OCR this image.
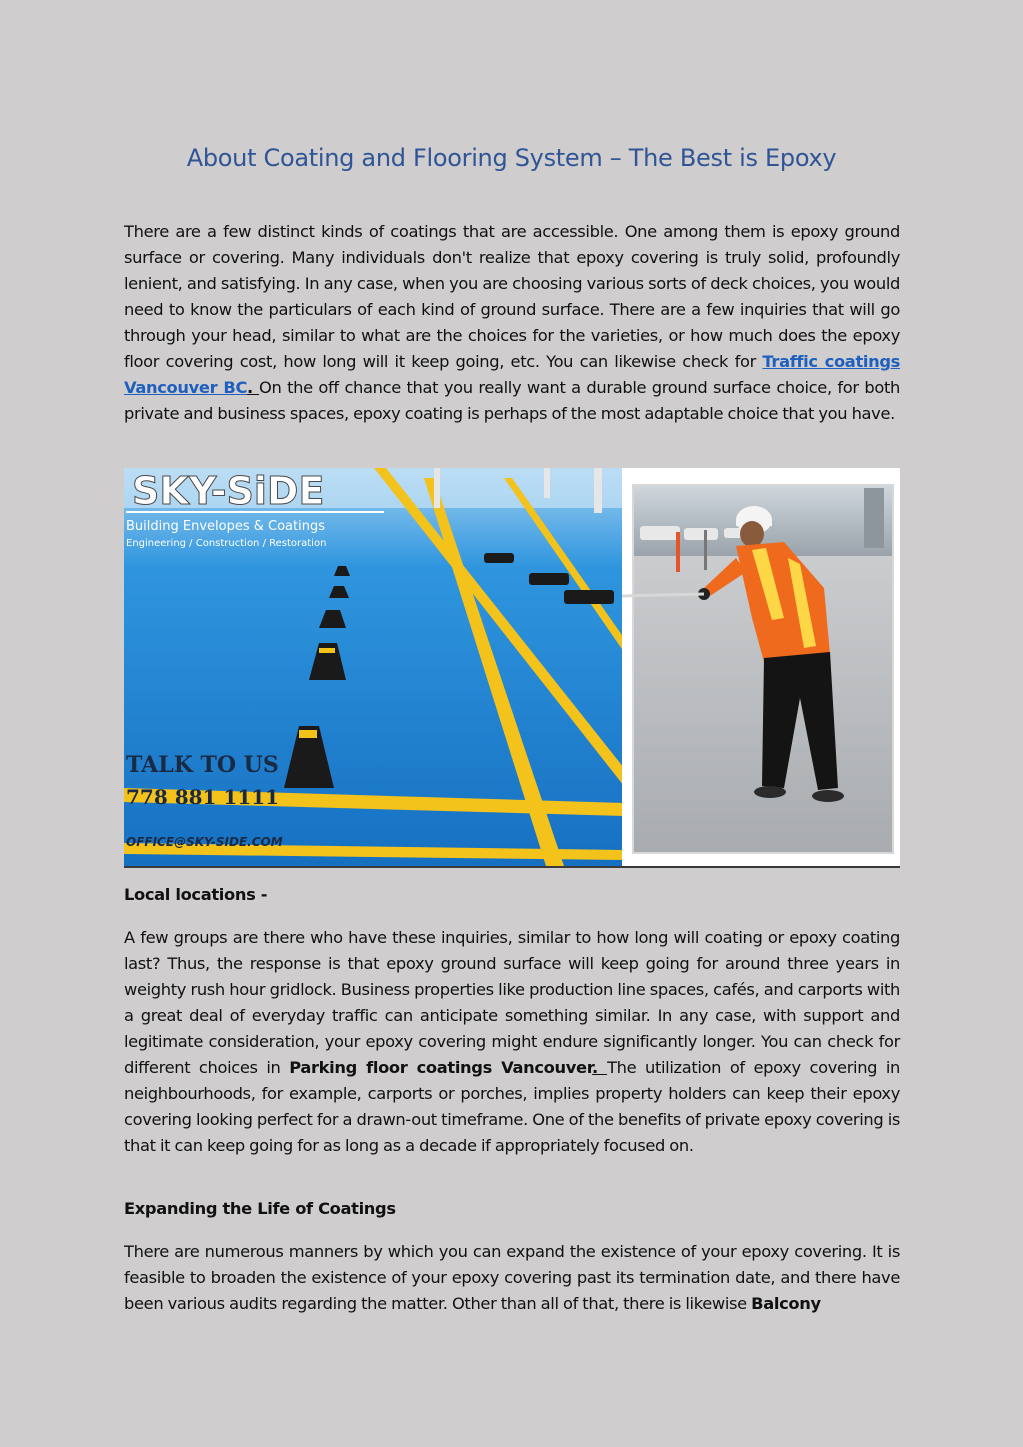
About Coating and Flooring System – The Best is Epoxy

There are a few distinct kinds of coatings that are accessible. One among them is epoxy ground surface or covering. Many individuals don't realize that epoxy covering is truly solid, profoundly lenient, and satisfying. In any case, when you are choosing various sorts of deck choices, you would need to know the particulars of each kind of ground surface. There are a few inquiries that will go through your head, similar to what are the choices for the varieties, or how much does the epoxy floor covering cost, how long will it keep going, etc. You can likewise check for Traffic coatings Vancouver BC. On the off chance that you really want a durable ground surface choice, for both private and business spaces, epoxy coating is perhaps of the most adaptable choice that you have.

SKY-SiDE
Building Envelopes & Coatings
Engineering / Construction / Restoration
TALK TO US
778 881 1111
OFFICE@SKY-SIDE.COM
Local locations -

A few groups are there who have these inquiries, similar to how long will coating or epoxy coating last? Thus, the response is that epoxy ground surface will keep going for around three years in weighty rush hour gridlock. Business properties like production line spaces, cafés, and carports with a great deal of everyday traffic can anticipate something similar. In any case, with support and legitimate consideration, your epoxy covering might endure significantly longer. You can check for different choices in Parking floor coatings Vancouver. The utilization of epoxy covering in neighbourhoods, for example, carports or porches, implies property holders can keep their epoxy covering looking perfect for a drawn-out timeframe. One of the benefits of private epoxy covering is that it can keep going for as long as a decade if appropriately focused on.

Expanding the Life of Coatings

There are numerous manners by which you can expand the existence of your epoxy covering. It is feasible to broaden the existence of your epoxy covering past its termination date, and there have been various audits regarding the matter. Other than all of that, there is likewise Balcony
